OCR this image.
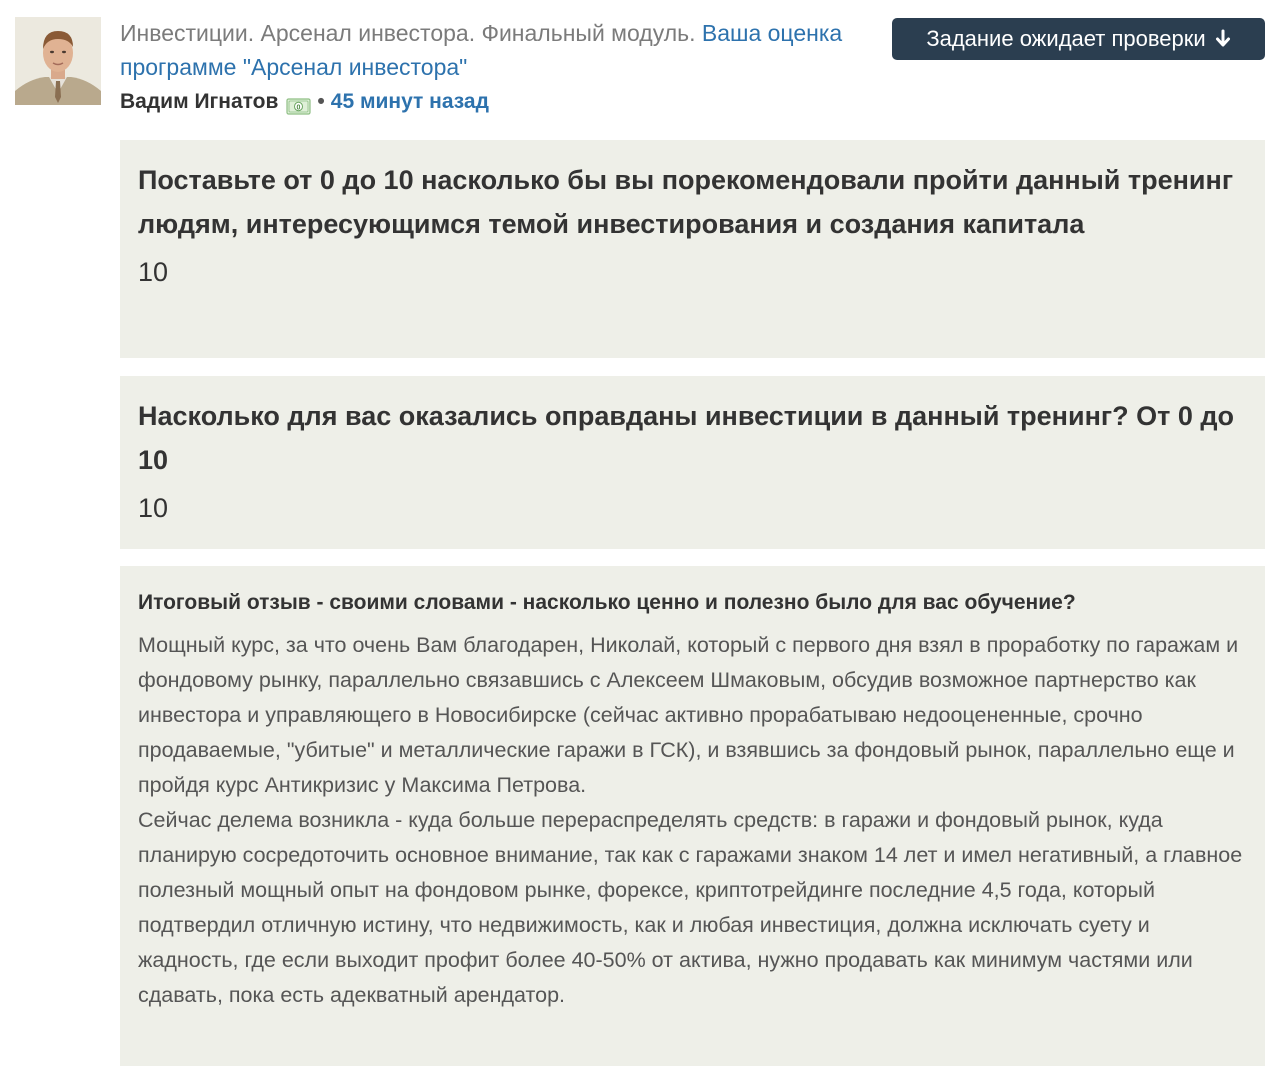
Инвестиции. Арсенал инвестора. Финальный модуль. Ваша оценка программе "Арсенал инвестора"
Вадим Игнатов	0 • 45 минут назад
Задание ожидает проверки

Поставьте от 0 до 10 насколько бы вы порекомендовали пройти данный тренинг людям, интересующимся темой инвестирования и создания капитала

10

Насколько для вас оказались оправданы инвестиции в данный тренинг? От 0 до 10

10

Итоговый отзыв - своими словами - насколько ценно и полезно было для вас обучение?

Мощный курс, за что очень Вам благодарен, Николай, который с первого дня взял в проработку по гаражам и фондовому рынку, параллельно связавшись с Алексеем Шмаковым, обсудив возможное партнерство как инвестора и управляющего в Новосибирске (сейчас активно прорабатываю недооцененные, срочно продаваемые, "убитые" и металлические гаражи в ГСК), и взявшись за фондовый рынок, параллельно еще и пройдя курс Антикризис у Максима Петрова.

Сейчас делема возникла - куда больше перераспределять средств: в гаражи и фондовый рынок, куда планирую сосредоточить основное внимание, так как с гаражами знаком 14 лет и имел негативный, а главное полезный мощный опыт на фондовом рынке, форексе, криптотрейдинге последние 4,5 года, который подтвердил отличную истину, что недвижимость, как и любая инвестиция, должна исключать суету и жадность, где если выходит профит более 40-50% от актива, нужно продавать как минимум частями или сдавать, пока есть адекватный арендатор.
